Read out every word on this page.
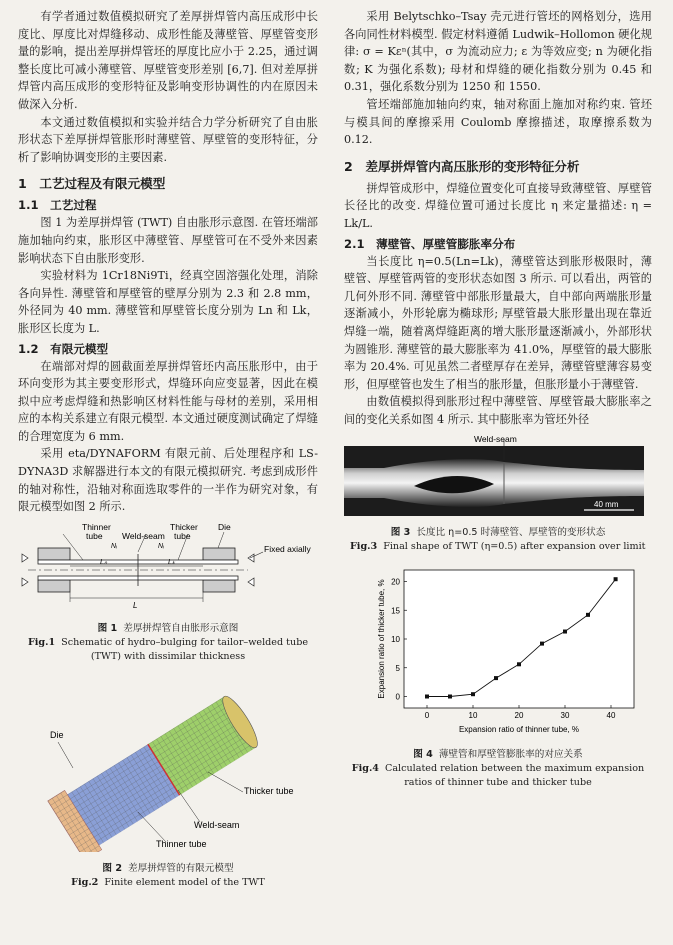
有学者通过数值模拟研究了差厚拼焊管内高压成形中长度比、厚度比对焊缝移动、成形性能及薄壁管、厚壁管变形量的影响，提出差厚拼焊管坯的厚度比应小于 2.25，通过调整长度比可减小薄壁管、厚壁管变形差别 [6,7]. 但对差厚拼焊管内高压成形的变形特征及影响变形协调性的内在原因未做深入分析.

本文通过数值模拟和实验并结合力学分析研究了自由胀形状态下差厚拼焊管胀形时薄壁管、厚壁管的变形特征，分析了影响协调变形的主要因素.

1　工艺过程及有限元模型
1.1　工艺过程

图 1 为差厚拼焊管 (TWT) 自由胀形示意图. 在管坯端部施加轴向约束，胀形区中薄壁管、厚壁管可在不受外来因素影响状态下自由胀形变形.

实验材料为 1Cr18Ni9Ti，经真空固溶强化处理，消除各向异性. 薄壁管和厚壁管的壁厚分别为 2.3 和 2.8 mm，外径同为 40 mm. 薄壁管和厚壁管长度分别为 Ln 和 Lk，胀形区长度为 L.

1.2　有限元模型

在端部对焊的圆截面差厚拼焊管坯内高压胀形中，由于环向变形为其主要变形形式，焊缝环向应变显著，因此在模拟中应考虑焊缝和热影响区材料性能与母材的差别，采用相应的本构关系建立有限元模型. 本文通过硬度测试确定了焊缝的合理宽度为 6 mm.

采用 eta/DYNAFORM 有限元前、后处理程序和 LS-DYNA3D 求解器进行本文的有限元模拟研究. 考虑到成形件的轴对称性，沿轴对称面选取零件的一半作为研究对象，有限元模型如图 2 所示.

Thinner
tube Weld-seam
Thicker
tube
Die
Fixed axially
Nᵢ	Nᵢ
Lₙ	Lₖ
L
图 1 差厚拼焊管自由胀形示意图
Fig.1 Schematic of hydro–bulging for tailor–welded tube (TWT) with dissimilar thickness
Die
Thicker tube
Weld-seam
Thinner tube
图 2 差厚拼焊管的有限元模型
Fig.2 Finite element model of the TWT

采用 Belytschko–Tsay 壳元进行管坯的网格划分，选用各向同性材料模型. 假定材料遵循 Ludwik–Hollomon 硬化规律: σ = Kεⁿ(其中，σ 为流动应力; ε 为等效应变; n 为硬化指数; K 为强化系数); 母材和焊缝的硬化指数分别为 0.45 和 0.31，强化系数分别为 1250 和 1550.

管坯端部施加轴向约束，轴对称面上施加对称约束. 管坯与模具间的摩擦采用 Coulomb 摩擦描述，取摩擦系数为 0.12.

2　差厚拼焊管内高压胀形的变形特征分析

拼焊管成形中，焊缝位置变化可直接导致薄壁管、厚壁管长径比的改变. 焊缝位置可通过长度比 η 来定量描述: η = Lk/L.

2.1　薄壁管、厚壁管膨胀率分布

当长度比 η=0.5(Ln=Lk)，薄壁管达到胀形极限时，薄壁管、厚壁管两管的变形状态如图 3 所示. 可以看出，两管的几何外形不同. 薄壁管中部胀形量最大，自中部向两端胀形量逐渐减小，外形轮廓为椭球形; 厚壁管最大胀形量出现在靠近焊缝一端，随着离焊缝距离的增大胀形量逐渐减小，外部形状为圆锥形. 薄壁管的最大膨胀率为 41.0%，厚壁管的最大膨胀率为 20.4%. 可见虽然二者壁厚存在差异，薄壁管壁薄容易变形，但厚壁管也发生了相当的胀形量，但胀形量小于薄壁管.

由数值模拟得到胀形过程中薄壁管、厚壁管最大膨胀率之间的变化关系如图 4 所示. 其中膨胀率为管坯外径

Weld-seam
40 mm
图 3 长度比 η=0.5 时薄壁管、厚壁管的变形状态
Fig.3 Final shape of TWT (η=0.5) after expansion over limit
Expansion ratio of thicker tube, %
Expansion ratio of thinner tube, %
0	10	20	30	40
0
5
10
15
20
图 4 薄壁管和厚壁管膨胀率的对应关系
Fig.4 Calculated relation between the maximum expansion ratios of thinner tube and thicker tube
